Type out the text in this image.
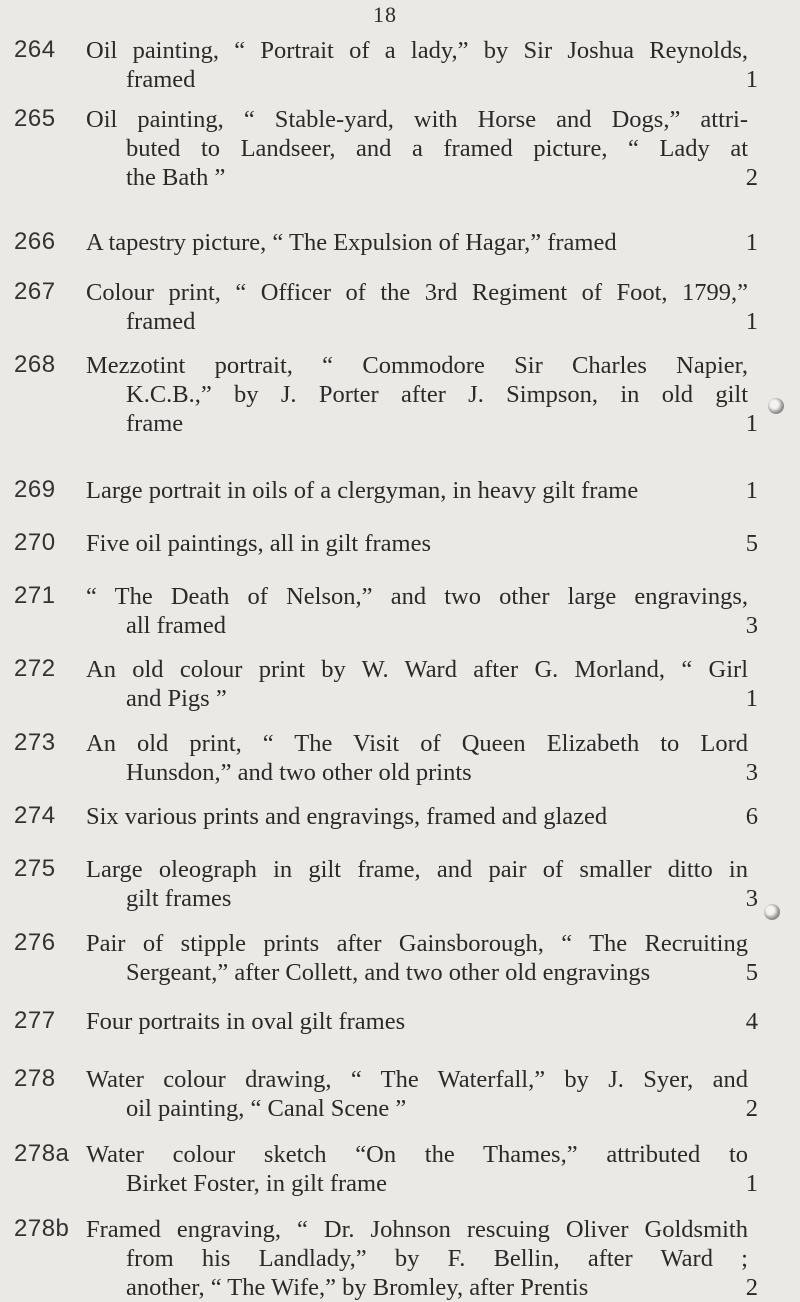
18
264	Oil painting, “ Portrait of a lady,” by Sir Joshua Reynolds,
framed	1
265	Oil painting, “ Stable-yard, with Horse and Dogs,” attri-
buted to Landseer, and a framed picture, “ Lady at
the Bath ”	2
266	A tapestry picture, “ The Expulsion of Hagar,” framed	1
267	Colour print, “ Officer of the 3rd Regiment of Foot, 1799,”
framed	1
268	Mezzotint portrait, “ Commodore Sir Charles Napier,
K.C.B.,” by J. Porter after J. Simpson, in old gilt
frame	1
269	Large portrait in oils of a clergyman, in heavy gilt frame	1
270	Five oil paintings, all in gilt frames	5
271	“ The Death of Nelson,” and two other large engravings,
all framed	3
272	An old colour print by W. Ward after G. Morland, “ Girl
and Pigs ”	1
273	An old print, “ The Visit of Queen Elizabeth to Lord
Hunsdon,” and two other old prints	3
274	Six various prints and engravings, framed and glazed	6
275	Large oleograph in gilt frame, and pair of smaller ditto in
gilt frames	3
276	Pair of stipple prints after Gainsborough, “ The Recruiting
Sergeant,” after Collett, and two other old engravings	5
277	Four portraits in oval gilt frames	4
278	Water colour drawing, “ The Waterfall,” by J. Syer, and
oil painting, “ Canal Scene ”	2
278a Water colour sketch “On the Thames,” attributed to
Birket Foster, in gilt frame	1
278b Framed engraving, “ Dr. Johnson rescuing Oliver Goldsmith
from his Landlady,” by F. Bellin, after Ward ;
another, “ The Wife,” by Bromley, after Prentis	2
